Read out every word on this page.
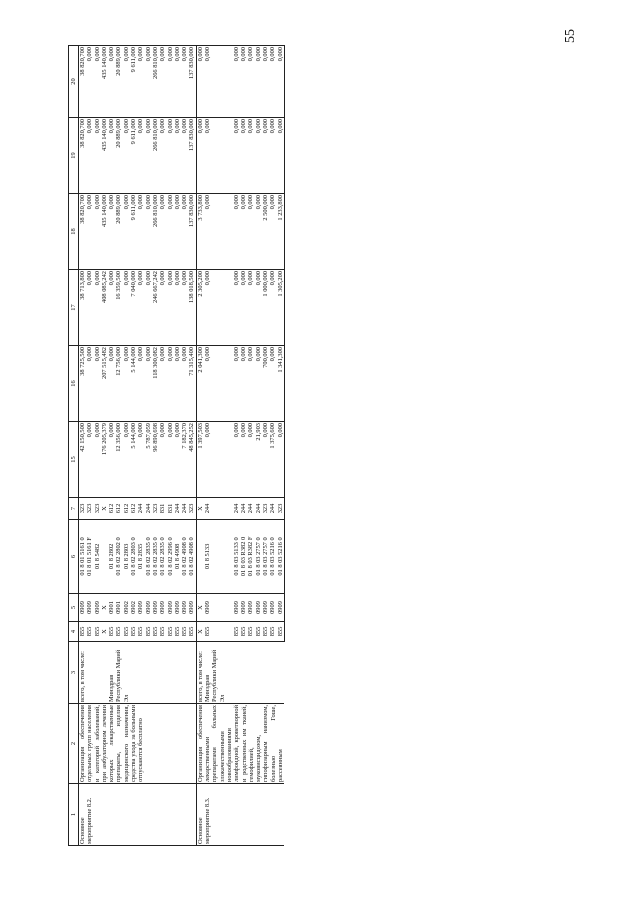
55
1	2	3	4	5	6	7	15	16	17	18	19	20
Основное мероприятие 8.2.	Организация обеспечения отдельных групп населения и категорий заболеваний, при амбулаторном лечении которых лекарственные препараты, изделия медицинского назначения, средства ухода за больными отпускаются бесплатно	всего, в том числе:	855	0909	01 8 01 5161 0	323	42 150,500	38 725,500	38 713,800	38 820,700	38 820,700	38 820,700
			855	0909	01 8 01 5161 F	323	0,000	0,000	0,000	0,000	0,000	0,000
			855	0909	01 8 5482	323	0,000	0,000	0,000	0,000	0,000	0,000
			Х	Х		Х	176 205,379	207 515,482	408 085,242	435 140,000	435 140,000	435 140,000
		Минздрав Республики Марий Эл	855	0901	01 8 2802	612	0,000	0,000	0,000	0,000	0,000	0,000
			855	0901	01 8 02 2802 0	612	12 356,000	12 756,000	16 359,500	20 889,000	20 889,000	20 889,000
			855	0902	01 8 2803	612	0,000	0,000	0,000	0,000	0,000	0,000
			855	0902	01 8 02 2803 0	612	5 144,000	5 144,000	7 040,000	9 611,000	9 611,000	9 611,000
			855	0909	01 8 2835	244	0,000	0,000	0,000	0,000	0,000	0,000
			855	0909	01 8 02 2835 0	244	5 787,059	0,000	0,000	0,000	0,000	0,000
			855	0909	01 8 02 2835 0	323	96 890,698	118 300,082	246 667,242	266 810,000	266 810,000	266 810,000
			855	0909	01 8 02 2835 0	831	0,000	0,000	0,000	0,000	0,000	0,000
			855	0909	01 8 02 2996 0	831	0,000	0,000	0,000	0,000	0,000	0,000
			855	0909	01 8 4908	244	0,000	0,000	0,000	0,000	0,000	0,000
			855	0909	01 8 02 4908 0	244	7 182,370	0,000	0,000	0,000	0,000	0,000
			855	0909	01 8 02 4908 0	323	48 845,252	71 315,400	138 018,500	137 830,000	137 830,000	137 830,000
Основное мероприятие 8.3.	Организация обеспечения лекарственными препаратами больных злокачественными новообразованиями лимфоидной, кроветворной и родственных им тканей, гемофилией, муковисцидозом, гипофизарным нанизмом, болезнью Гоше, рассеянным	всего, в том числе:	Х	Х		Х	1 397,503	2 041,300	2 305,200	3 733,800	0,000	0,000
		Минздрав Республики Марий Эл	855	0909	01 8 5133	244	0,000	0,000	0,000	0,000	0,000	0,000
			855	0909	01 8 03 5133 0	244	0,000	0,000	0,000	0,000	0,000	0,000
			855	0909	01 8 03 R382 0	244	0,000	0,000	0,000	0,000	0,000	0,000
			855	0909	01 8 03 R382 F	244	0,000	0,000	0,000	0,000	0,000	0,000
			855	0909	01 8 03 2757 0	244	21,903	0,000	0,000	0,000	0,000	0,000
			855	0909	01 8 03 2757 0	323	0,000	700,000	1 000,000	2 500,000	0,000	0,000
			855	0909	01 8 03 5216 0	244	1 375,600	0,000	0,000	0,000	0,000	0,000
			855	0909	01 8 03 5216 0	323	0,000	1 341,300	1 305,200	1 233,800	0,000	0,000
